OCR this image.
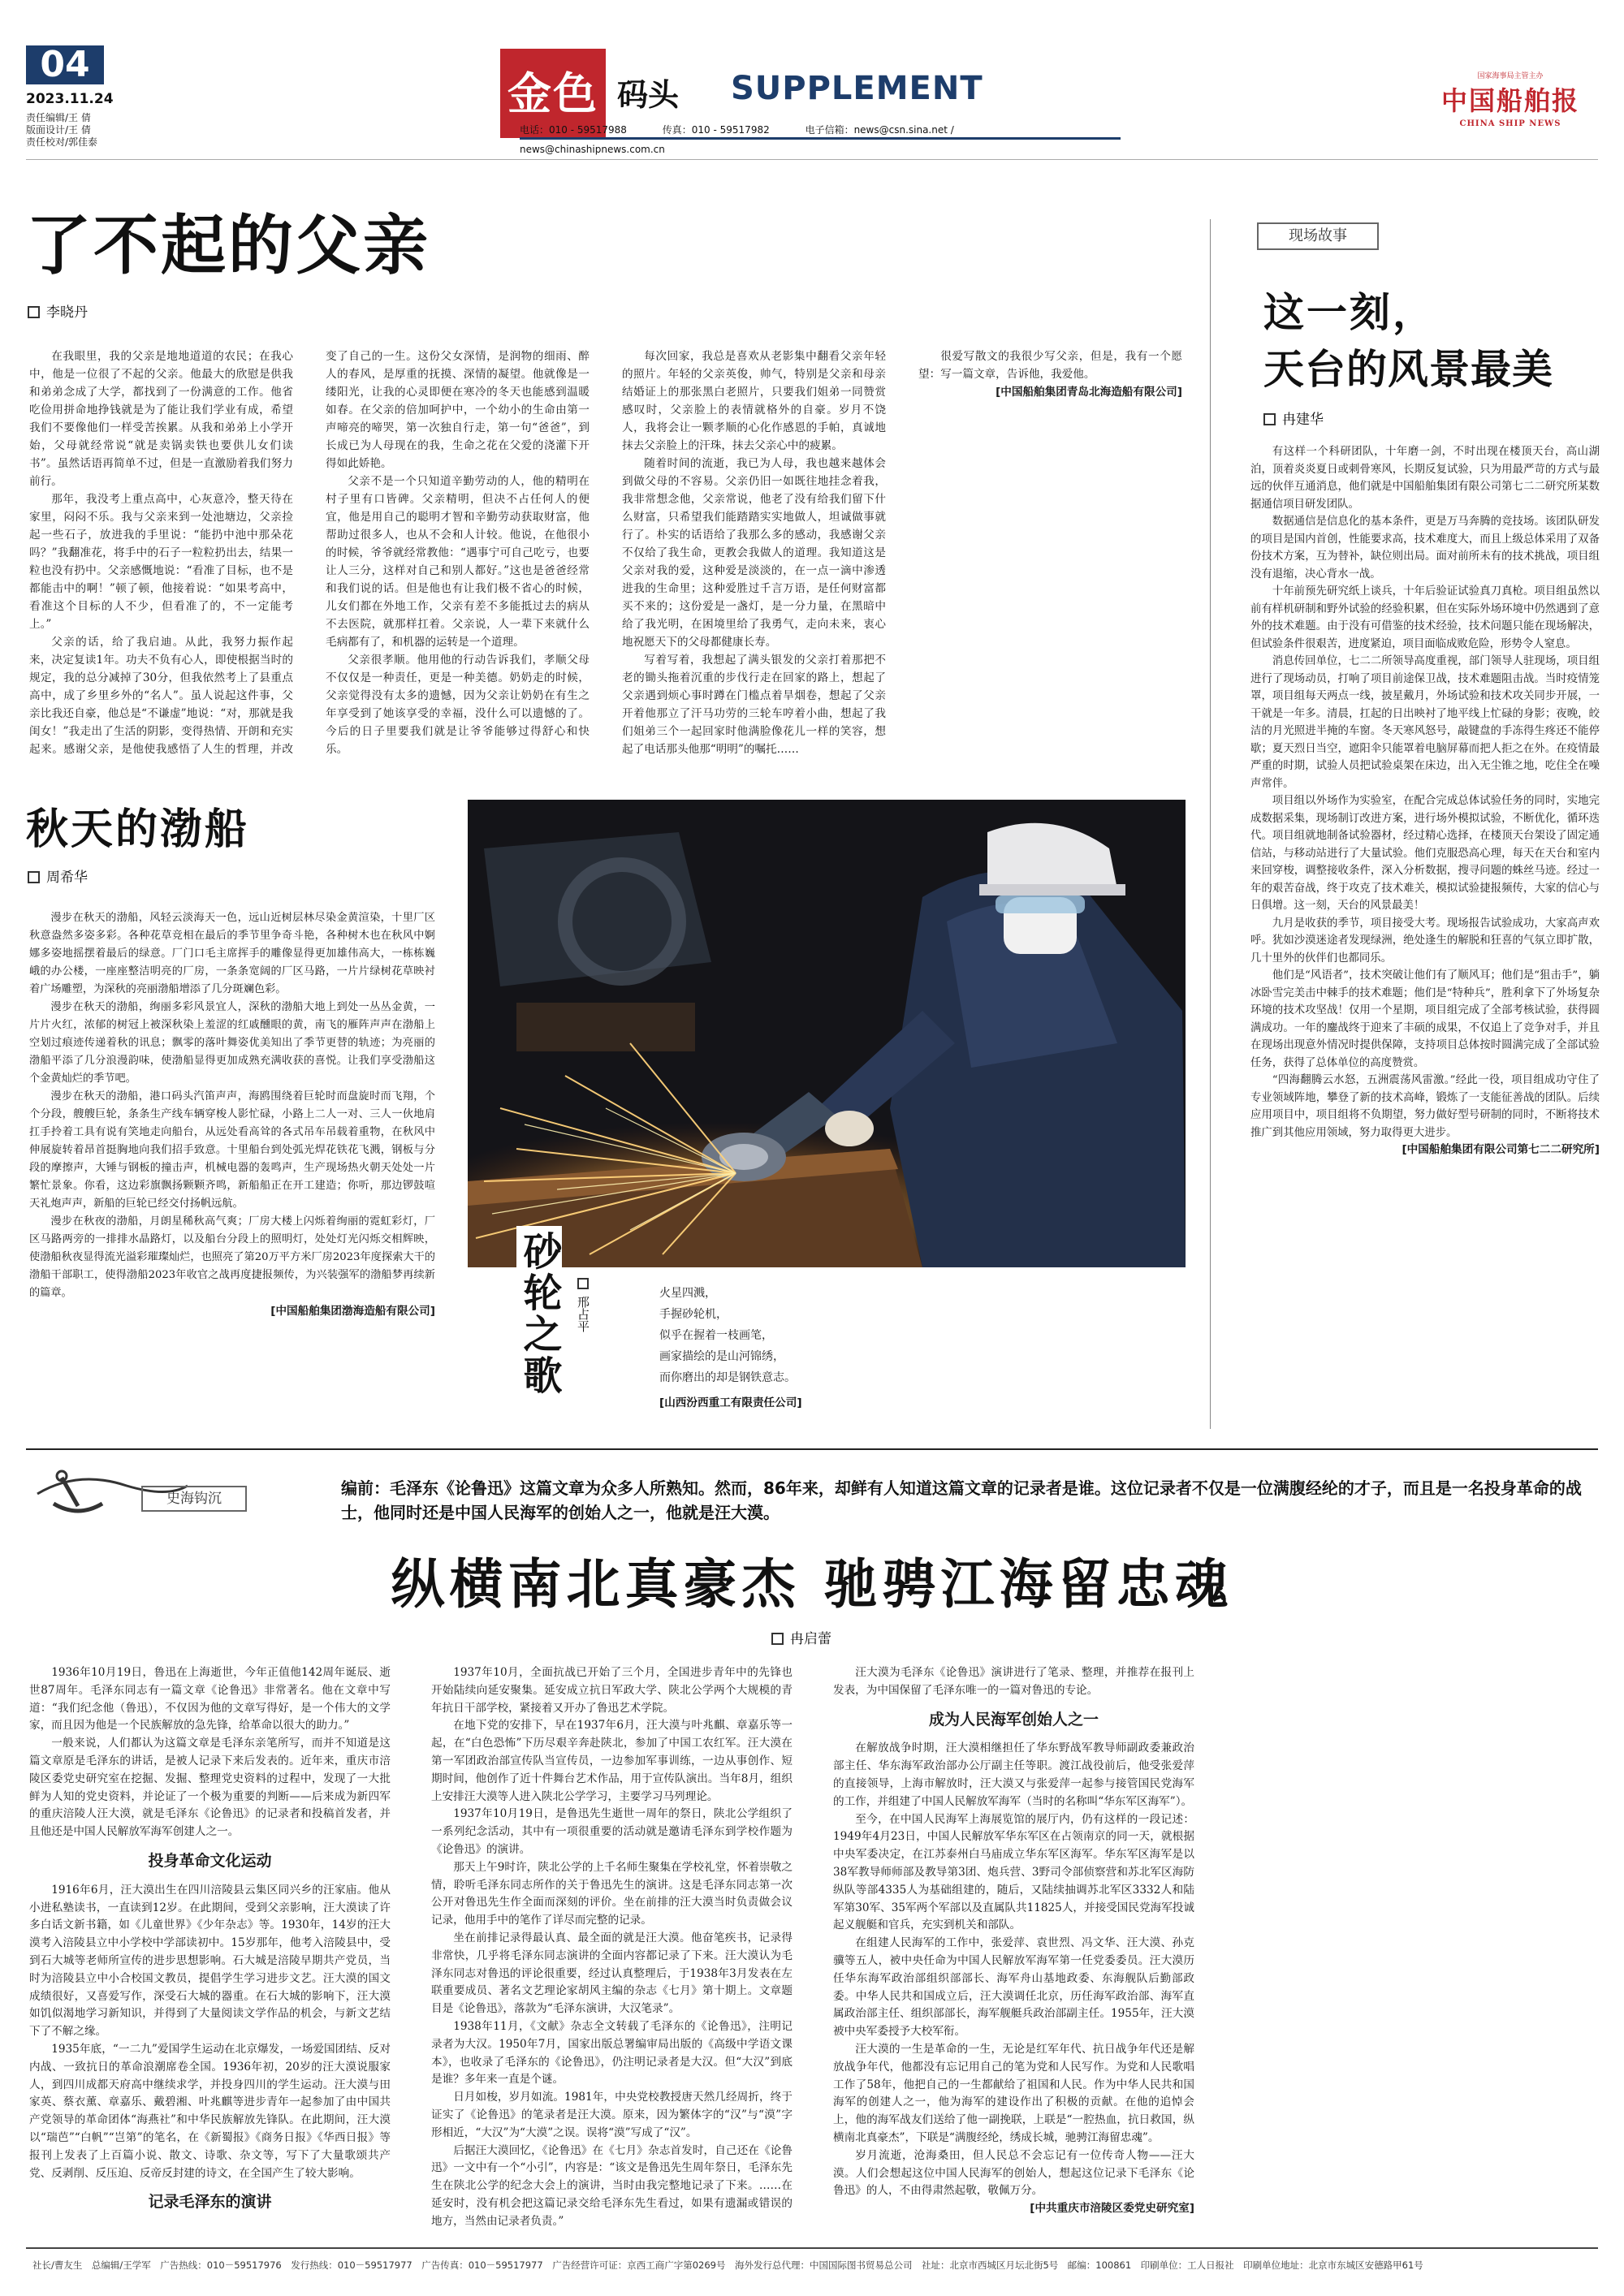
04
2023.11.24
责任编辑/王 倩
版面设计/王 倩
责任校对/郭佳泰
金色 码头 SUPPLEMENT
电话：010 - 59517988	传真：010 - 59517982	电子信箱：news@csn.sina.net / news@chinashipnews.com.cn
国家海事局主管主办
中国船舶报
CHINA SHIP NEWS
了不起的父亲
李晓丹

在我眼里，我的父亲是地地道道的农民；在我心中，他是一位很了不起的父亲。他最大的欣慰是供我和弟弟念成了大学，都找到了一份满意的工作。他省吃俭用拼命地挣钱就是为了能让我们学业有成，希望我们不要像他们一样受苦挨累。从我和弟弟上小学开始，父母就经常说“就是卖锅卖铁也要供儿女们读书”。虽然话语再简单不过，但是一直激励着我们努力前行。

那年，我没考上重点高中，心灰意冷，整天待在家里，闷闷不乐。我与父亲来到一处池塘边，父亲捡起一些石子，放进我的手里说：“能扔中池中那朵花吗？”我翻准花，将手中的石子一粒粒扔出去，结果一粒也没有扔中。父亲感慨地说：“看准了目标，也不是都能击中的啊！”顿了顿，他接着说：“如果考高中，看准这个目标的人不少，但看准了的，不一定能考上。”

父亲的话，给了我启迪。从此，我努力振作起来，决定复读1年。功夫不负有心人，即使根据当时的规定，我的总分减掉了30分，但我依然考上了县重点高中，成了乡里乡外的“名人”。虽人说起这件事，父亲比我还自豪，他总是“不谦虚”地说：“对，那就是我闺女！”我走出了生活的阴影，变得热情、开朗和充实起来。感谢父亲，是他使我感悟了人生的哲理，并改变了自己的一生。这份父女深情，是润物的细雨、醉人的春风，是厚重的抚摸、深情的凝望。他就像是一缕阳光，让我的心灵即便在寒冷的冬天也能感到温暖如春。在父亲的倍加呵护中，一个幼小的生命由第一声啼亮的啼哭，第一次独自行走，第一句“爸爸”，到长成已为人母现在的我，生命之花在父爱的浇灌下开得如此娇艳。

父亲不是一个只知道辛勤劳动的人，他的精明在村子里有口皆碑。父亲精明，但决不占任何人的便宜，他是用自己的聪明才智和辛勤劳动获取财富，他帮助过很多人，也从不会和人计较。他说，在他很小的时候，爷爷就经常教他：“遇事宁可自己吃亏，也要让人三分，这样对自己和别人都好。”这也是爸爸经常和我们说的话。但是他也有让我们极不省心的时候，儿女们都在外地工作，父亲有差不多能抵过去的病从不去医院，就那样扛着。父亲说，人一辈下来就什么毛病都有了，和机器的运转是一个道理。

父亲很孝顺。他用他的行动告诉我们，孝顺父母不仅仅是一种责任，更是一种美德。奶奶走的时候，父亲觉得没有太多的遗憾，因为父亲让奶奶在有生之年享受到了她该享受的幸福，没什么可以遗憾的了。今后的日子里要我们就是让爷爷能够过得舒心和快乐。

每次回家，我总是喜欢从老影集中翻看父亲年轻的照片。年轻的父亲英俊，帅气，特别是父亲和母亲结婚证上的那张黑白老照片，只要我们姐弟一同赞赏感叹时，父亲脸上的表情就格外的自豪。岁月不饶人，我将会让一颗孝顺的心化作感恩的手帕，真诚地抹去父亲脸上的汗珠，抹去父亲心中的疲累。

随着时间的流逝，我已为人母，我也越来越体会到做父母的不容易。父亲仍旧一如既往地挂念着我，我非常想念他，父亲常说，他老了没有给我们留下什么财富，只希望我们能踏踏实实地做人，坦诚做事就行了。朴实的话语给了我那么多的感动，我感谢父亲不仅给了我生命，更教会我做人的道理。我知道这是父亲对我的爱，这种爱是淡淡的，在一点一滴中渗透进我的生命里；这种爱胜过千言万语，是任何财富都买不来的；这份爱是一盏灯，是一分力量，在黑暗中给了我光明，在困境里给了我勇气，走向未来，衷心地祝愿天下的父母都健康长寿。

写着写着，我想起了满头银发的父亲打着那把不老的锄头拖着沉重的步伐行走在回家的路上，想起了父亲遇到烦心事时蹲在门槛点着旱烟卷，想起了父亲开着他那立了汗马功劳的三轮车哼着小曲，想起了我们姐弟三个一起回家时他满脸像花儿一样的笑容，想起了电话那头他那“明明”的嘱托……

很爱写散文的我很少写父亲，但是，我有一个愿望：写一篇文章，告诉他，我爱他。

[中国船舶集团青岛北海造船有限公司]
秋天的渤船
周希华

漫步在秋天的渤船，风轻云淡海天一色，远山近树层林尽染金黄渲染，十里厂区秋意盎然多姿多彩。各种花草竞相在最后的季节里争奇斗艳，各种树木也在秋风中婀娜多姿地摇摆着最后的绿意。厂门口毛主席挥手的雕像显得更加雄伟高大，一栋栋巍峨的办公楼，一座座整洁明亮的厂房，一条条宽阔的厂区马路，一片片绿树花草映衬着广场雕塑，为深秋的亮丽渤船增添了几分斑斓色彩。

漫步在秋天的渤船，绚丽多彩风景宜人，深秋的渤船大地上到处一丛丛金黄，一片片火红，浓郁的树冠上被深秋染上羞涩的红戚醺眼的黄，南飞的雁阵声声在渤船上空划过痕迹传递着秋的讯息；飘零的落叶舞姿优美知出了季节更替的轨迹；为亮丽的渤船平添了几分浪漫韵味，使渤船显得更加成熟充满收获的喜悦。让我们享受渤船这个金黄灿烂的季节吧。

漫步在秋天的渤船，港口码头汽笛声声，海鸥围绕着巨轮时而盘旋时而飞翔，个个分段，艘艘巨轮，条条生产线车辆穿梭人影忙碌，小路上二人一对、三人一伙地肩扛手拎着工具有说有笑地走向船台，从远处看高耸的各式吊车吊载着重物，在秋风中伸展旋转着昂首挺胸地向我们招手致意。十里船台到处弧光焊花铁花飞溅，钢板与分段的摩擦声，大锤与钢板的撞击声，机械电器的轰鸣声，生产现场热火朝天处处一片繁忙景象。你看，这边彩旗飘扬颗颗齐鸣，新船船正在开工建造；你听，那边锣鼓喧天礼炮声声，新船的巨轮已经交付扬帆远航。

漫步在秋夜的渤船，月朗星稀秋高气爽；厂房大楼上闪烁着绚丽的霓虹彩灯，厂区马路两旁的一排排水晶路灯，以及船台分段上的照明灯，处处灯光闪烁交相辉映，使渤船秋夜显得流光溢彩璀璨灿烂，也照亮了第20万平方米厂房2023年度探索大干的渤船干部职工，使得渤船2023年收官之战再度捷报频传，为兴装强军的渤船梦再续新的篇章。

[中国船舶集团渤海造船有限公司] 砂轮之歌 邢占平
火星四溅，
手握砂轮机，
似乎在握着一枝画笔，
画家描绘的是山河锦绣，
而你磨出的却是钢铁意志。
[山西汾西重工有限责任公司]
现场故事
这一刻，
天台的风景最美
冉建华

有这样一个科研团队，十年磨一剑，不时出现在楼顶天台，高山湖泊，顶着炎炎夏日或刺骨寒风，长期反复试验，只为用最严苛的方式与最远的伙伴互通消息，他们就是中国船舶集团有限公司第七二二研究所某数据通信项目研发团队。

数据通信是信息化的基本条件，更是万马奔腾的竞技场。该团队研发的项目是国内首创，性能要求高，技术难度大，而且上级总体采用了双备份技术方案，互为替补，缺位则出局。面对前所未有的技术挑战，项目组没有退缩，决心背水一战。

十年前预先研究纸上谈兵，十年后验证试验真刀真枪。项目组虽然以前有样机研制和野外试验的经验积累，但在实际外场环境中仍然遇到了意外的技术难题。由于没有可借鉴的技术经验，技术问题只能在现场解决，但试验条件很艰苦，进度紧迫，项目面临成败危险，形势令人窒息。

消息传回单位，七二二所领导高度重视，部门领导人驻现场，项目组进行了现场动员，打响了项目前途保卫战，技术难题阻击战。当时疫情笼罩，项目组每天两点一线，披星戴月，外场试验和技术攻关同步开展，一干就是一年多。清晨，扛起的日出映衬了地平线上忙碌的身影；夜晚，皎洁的月光照进半掩的车窗。冬天寒风怒号，敲键盘的手冻得生疼还不能停歇；夏天烈日当空，遮阳伞只能罩着电脑屏幕而把人拒之在外。在疫情最严重的时期，试验人员把试验桌架在床边，出入无尘锥之地，吃住全在噪声常伴。

项目组以外场作为实验室，在配合完成总体试验任务的同时，实地完成数据采集，现场制订改进方案，进行场外模拟试验，不断优化，循环迭代。项目组就地制备试验器材，经过精心选择，在楼顶天台架设了固定通信站，与移动站进行了大量试验。他们克服恐高心理，每天在天台和室内来回穿梭，调整接收条件，深入分析数据，搜寻问题的蛛丝马迹。经过一年的艰苦奋战，终于攻克了技术难关，模拟试验捷报频传，大家的信心与日俱增。这一刻，天台的风景最美！

九月是收获的季节，项目接受大考。现场报告试验成功，大家高声欢呼。犹如沙漠迷途者发现绿洲，绝处逢生的解脱和狂喜的气氛立即扩散，几十里外的伙伴们也都同乐。

他们是“风语者”，技术突破让他们有了顺风耳；他们是“狙击手”，躺冰卧雪完美击中棘手的技术难题；他们是“特种兵”，胜利拿下了外场复杂环境的技术攻坚战！仅用一个星期，项目组完成了全部考核试验，获得圆满成功。一年的鏖战终于迎来了丰硕的成果，不仅追上了竞争对手，并且在现场出现意外情况时提供保障，支持项目总体按时圆满完成了全部试验任务，获得了总体单位的高度赞赏。

“四海翻腾云水怒，五洲震荡风雷激。”经此一役，项目组成功守住了专业领域阵地，攀登了新的技术高峰，锻炼了一支能征善战的团队。后续应用项目中，项目组将不负期望，努力做好型号研制的同时，不断将技术推广到其他应用领域，努力取得更大进步。

[中国船舶集团有限公司第七二二研究所]
史海钩沉
编前：毛泽东《论鲁迅》这篇文章为众多人所熟知。然而，86年来，却鲜有人知道这篇文章的记录者是谁。这位记录者不仅是一位满腹经纶的才子，而且是一名投身革命的战士，他同时还是中国人民海军的创始人之一，他就是汪大漠。
纵横南北真豪杰 驰骋江海留忠魂
冉启蕾

1936年10月19日，鲁迅在上海逝世，今年正值他142周年诞辰、逝世87周年。毛泽东同志有一篇文章《论鲁迅》非常著名。他在文章中写道：“我们纪念他（鲁迅），不仅因为他的文章写得好，是一个伟大的文学家，而且因为他是一个民族解放的急先锋，给革命以很大的助力。”

一般来说，人们都认为这篇文章是毛泽东亲笔所写，而并不知道是这篇文章原是毛泽东的讲话，是被人记录下来后发表的。近年来，重庆市涪陵区委党史研究室在挖掘、发掘、整理党史资料的过程中，发现了一大批鲜为人知的党史资料，并论证了一个极为重要的判断——后来成为新四军的重庆涪陵人汪大漠，就是毛泽东《论鲁迅》的记录者和投稿首发者，并且他还是中国人民解放军海军创建人之一。

投身革命文化运动

1916年6月，汪大漠出生在四川涪陵县云集区同兴乡的汪家庙。他从小进私塾读书，一直读到12岁。在此期间，受到父亲影响，汪大漠读了许多白话文新书籍，如《儿童世界》《少年杂志》等。1930年，14岁的汪大漠考入涪陵县立中小学校中学部读初中。15岁那年，他考入涪陵县中，受到石大城等老师所宣传的进步思想影响。石大城是涪陵早期共产党员，当时为涪陵县立中小合校国文教员，提倡学生学习进步文艺。汪大漠的国文成绩很好，又喜爱写作，深受石大城的器重。在石大城的影响下，汪大漠如饥似渴地学习新知识，并得到了大量阅读文学作品的机会，与新文艺结下了不解之缘。

1935年底，“一二九”爱国学生运动在北京爆发，一场爱国团结、反对内战、一致抗日的革命浪潮席卷全国。1936年初，20岁的汪大漠说服家人，到四川成都天府高中继续求学，并投身四川的学生运动。汪大漠与田家英、蔡衣薰、章嘉乐、戴碧湘、叶兆麒等进步青年一起参加了由中国共产党领导的革命团体“海燕社”和中华民族解放先锋队。在此期间，汪大漠以“瑞芭”“白帆”“岂第”的笔名，在《新蜀报》《商务日报》《华西日报》等报刊上发表了上百篇小说、散文、诗歌、杂文等，写下了大量歌颂共产党、反剥削、反压迫、反帝反封建的诗文，在全国产生了较大影响。

记录毛泽东的演讲

1937年10月，全面抗战已开始了三个月，全国进步青年中的先锋也开始陆续向延安聚集。延安成立抗日军政大学、陕北公学两个大规模的青年抗日干部学校，紧接着又开办了鲁迅艺术学院。

在地下党的安排下，早在1937年6月，汪大漠与叶兆麒、章嘉乐等一起，在“白色恐怖”下历尽艰辛奔赴陕北，参加了中国工农红军。汪大漠在第一军团政治部宣传队当宣传员，一边参加军事训练，一边从事创作、短期时间，他创作了近十件舞台艺术作品，用于宣传队演出。当年8月，组织上安排汪大漠等人进入陕北公学学习，主要学习马列理论。

1937年10月19日，是鲁迅先生逝世一周年的祭日，陕北公学组织了一系列纪念活动，其中有一项很重要的活动就是邀请毛泽东到学校作题为《论鲁迅》的演讲。

那天上午9时许，陕北公学的上千名师生聚集在学校礼堂，怀着崇敬之情，聆听毛泽东同志所作的关于鲁迅先生的演讲。这是毛泽东同志第一次公开对鲁迅先生作全面而深刻的评价。坐在前排的汪大漠当时负责做会议记录，他用手中的笔作了详尽而完整的记录。

坐在前排记录得最认真、最全面的就是汪大漠。他奋笔疾书，记录得非常快，几乎将毛泽东同志演讲的全面内容都记录了下来。汪大漠认为毛泽东同志对鲁迅的评论很重要，经过认真整理后，于1938年3月发表在左联重要成员、著名文艺理论家胡风主编的杂志《七月》第十期上。文章题目是《论鲁迅》，落款为“毛泽东演讲，大汉笔录”。

1938年11月，《文献》杂志全文转载了毛泽东的《论鲁迅》，注明记录者为大汉。1950年7月，国家出版总署编审局出版的《高级中学语文课本》，也收录了毛泽东的《论鲁迅》，仍注明记录者是大汉。但“大汉”到底是谁？多年来一直是个谜。

日月如梭，岁月如流。1981年，中央党校教授唐天然几经周折，终于证实了《论鲁迅》的笔录者是汪大漠。原来，因为繁体字的“汉”与“漠”字形相近，“大汉”为“大漠”之误。误将“漠”写成了“汉”。

后据汪大漠回忆，《论鲁迅》在《七月》杂志首发时，自己还在《论鲁迅》一文中有一个“小引”，内容是：“该文是鲁迅先生周年祭日，毛泽东先生在陕北公学的纪念大会上的演讲，当时由我完整地记录了下来。……在延安时，没有机会把这篇记录交给毛泽东先生看过，如果有遗漏或错误的地方，当然由记录者负责。”

汪大漠为毛泽东《论鲁迅》演讲进行了笔录、整理，并推荐在报刊上发表，为中国保留了毛泽东唯一的一篇对鲁迅的专论。

成为人民海军创始人之一

在解放战争时期，汪大漠相继担任了华东野战军教导师副政委兼政治部主任、华东海军政治部办公厅副主任等职。渡江战役前后，他受张爱萍的直接领导，上海市解放时，汪大漠又与张爱萍一起参与接管国民党海军的工作，并组建了中国人民解放军海军（当时的名称叫“华东军区海军”）。

至今，在中国人民海军上海展览馆的展厅内，仍有这样的一段记述：1949年4月23日，中国人民解放军华东军区在占领南京的同一天，就根据中央军委决定，在江苏泰州白马庙成立华东军区海军。华东军区海军是以38军教导师师部及教导第3团、炮兵营、3野司令部侦察营和苏北军区海防纵队等部4335人为基础组建的，随后，又陆续抽调苏北军区3332人和陆军第30军、35军两个军部以及直属队共11825人，并接受国民党海军投诚起义舰艇和官兵，充实到机关和部队。

在组建人民海军的工作中，张爱萍、袁世烈、冯文华、汪大漠、孙克骥等五人，被中央任命为中国人民解放军海军第一任党委委员。汪大漠历任华东海军政治部组织部部长、海军舟山基地政委、东海舰队后勤部政委。中华人民共和国成立后，汪大漠调任北京，历任海军政治部、海军直属政治部主任、组织部部长，海军舰艇兵政治部副主任。1955年，汪大漠被中央军委授予大校军衔。

汪大漠的一生是革命的一生，无论是红军年代、抗日战争年代还是解放战争年代，他都没有忘记用自己的笔为党和人民写作。为党和人民歌唱工作了58年，他把自己的一生都献给了祖国和人民。作为中华人民共和国海军的创建人之一，他为海军的建设作出了积极的贡献。在他的追悼会上，他的海军战友们送给了他一副挽联，上联是“一腔热血，抗日救国，纵横南北真豪杰”，下联是“满腹经纶，绣成长城，驰骋江海留忠魂”。

岁月流逝，沧海桑田，但人民总不会忘记有一位传奇人物——汪大漠。人们会想起这位中国人民海军的创始人，想起这位记录下毛泽东《论鲁迅》的人，不由得肃然起敬，敬佩万分。

[中共重庆市涪陵区委党史研究室]
社长/曹友生　总编辑/王学军　广告热线：010－59517976　发行热线：010－59517977　广告传真：010－59517977　广告经营许可证：京西工商广字第0269号　海外发行总代理：中国国际图书贸易总公司　社址：北京市西城区月坛北街5号　邮编：100861　印刷单位：工人日报社　印刷单位地址：北京市东城区安德路甲61号
